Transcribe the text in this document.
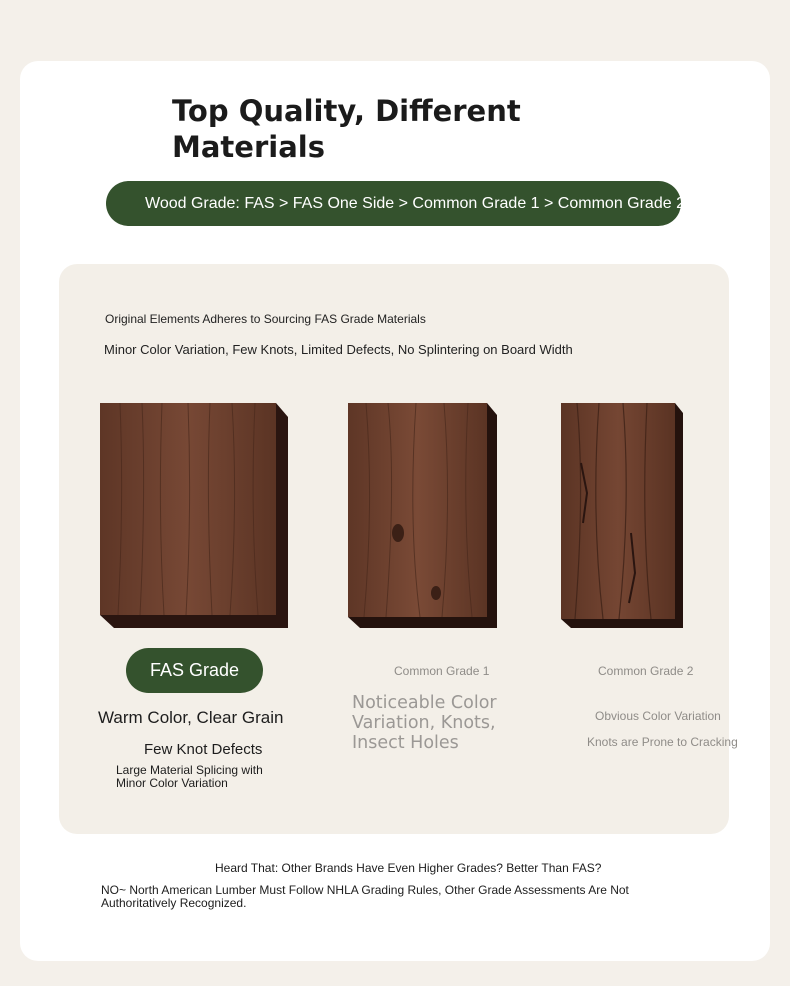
Top Quality, Different Materials
Wood Grade: FAS > FAS One Side > Common Grade 1 > Common Grade 2
Original Elements Adheres to Sourcing FAS Grade Materials
Minor Color Variation, Few Knots, Limited Defects, No Splintering on Board Width
FAS Grade
Warm Color, Clear Grain
Few Knot Defects
Large Material Splicing with Minor Color Variation
Common Grade 1
Noticeable Color Variation, Knots, Insect Holes
Common Grade 2
Obvious Color Variation
Knots are Prone to Cracking
Heard That: Other Brands Have Even Higher Grades? Better Than FAS?
NO~ North American Lumber Must Follow NHLA Grading Rules, Other Grade Assessments Are Not Authoritatively Recognized.
